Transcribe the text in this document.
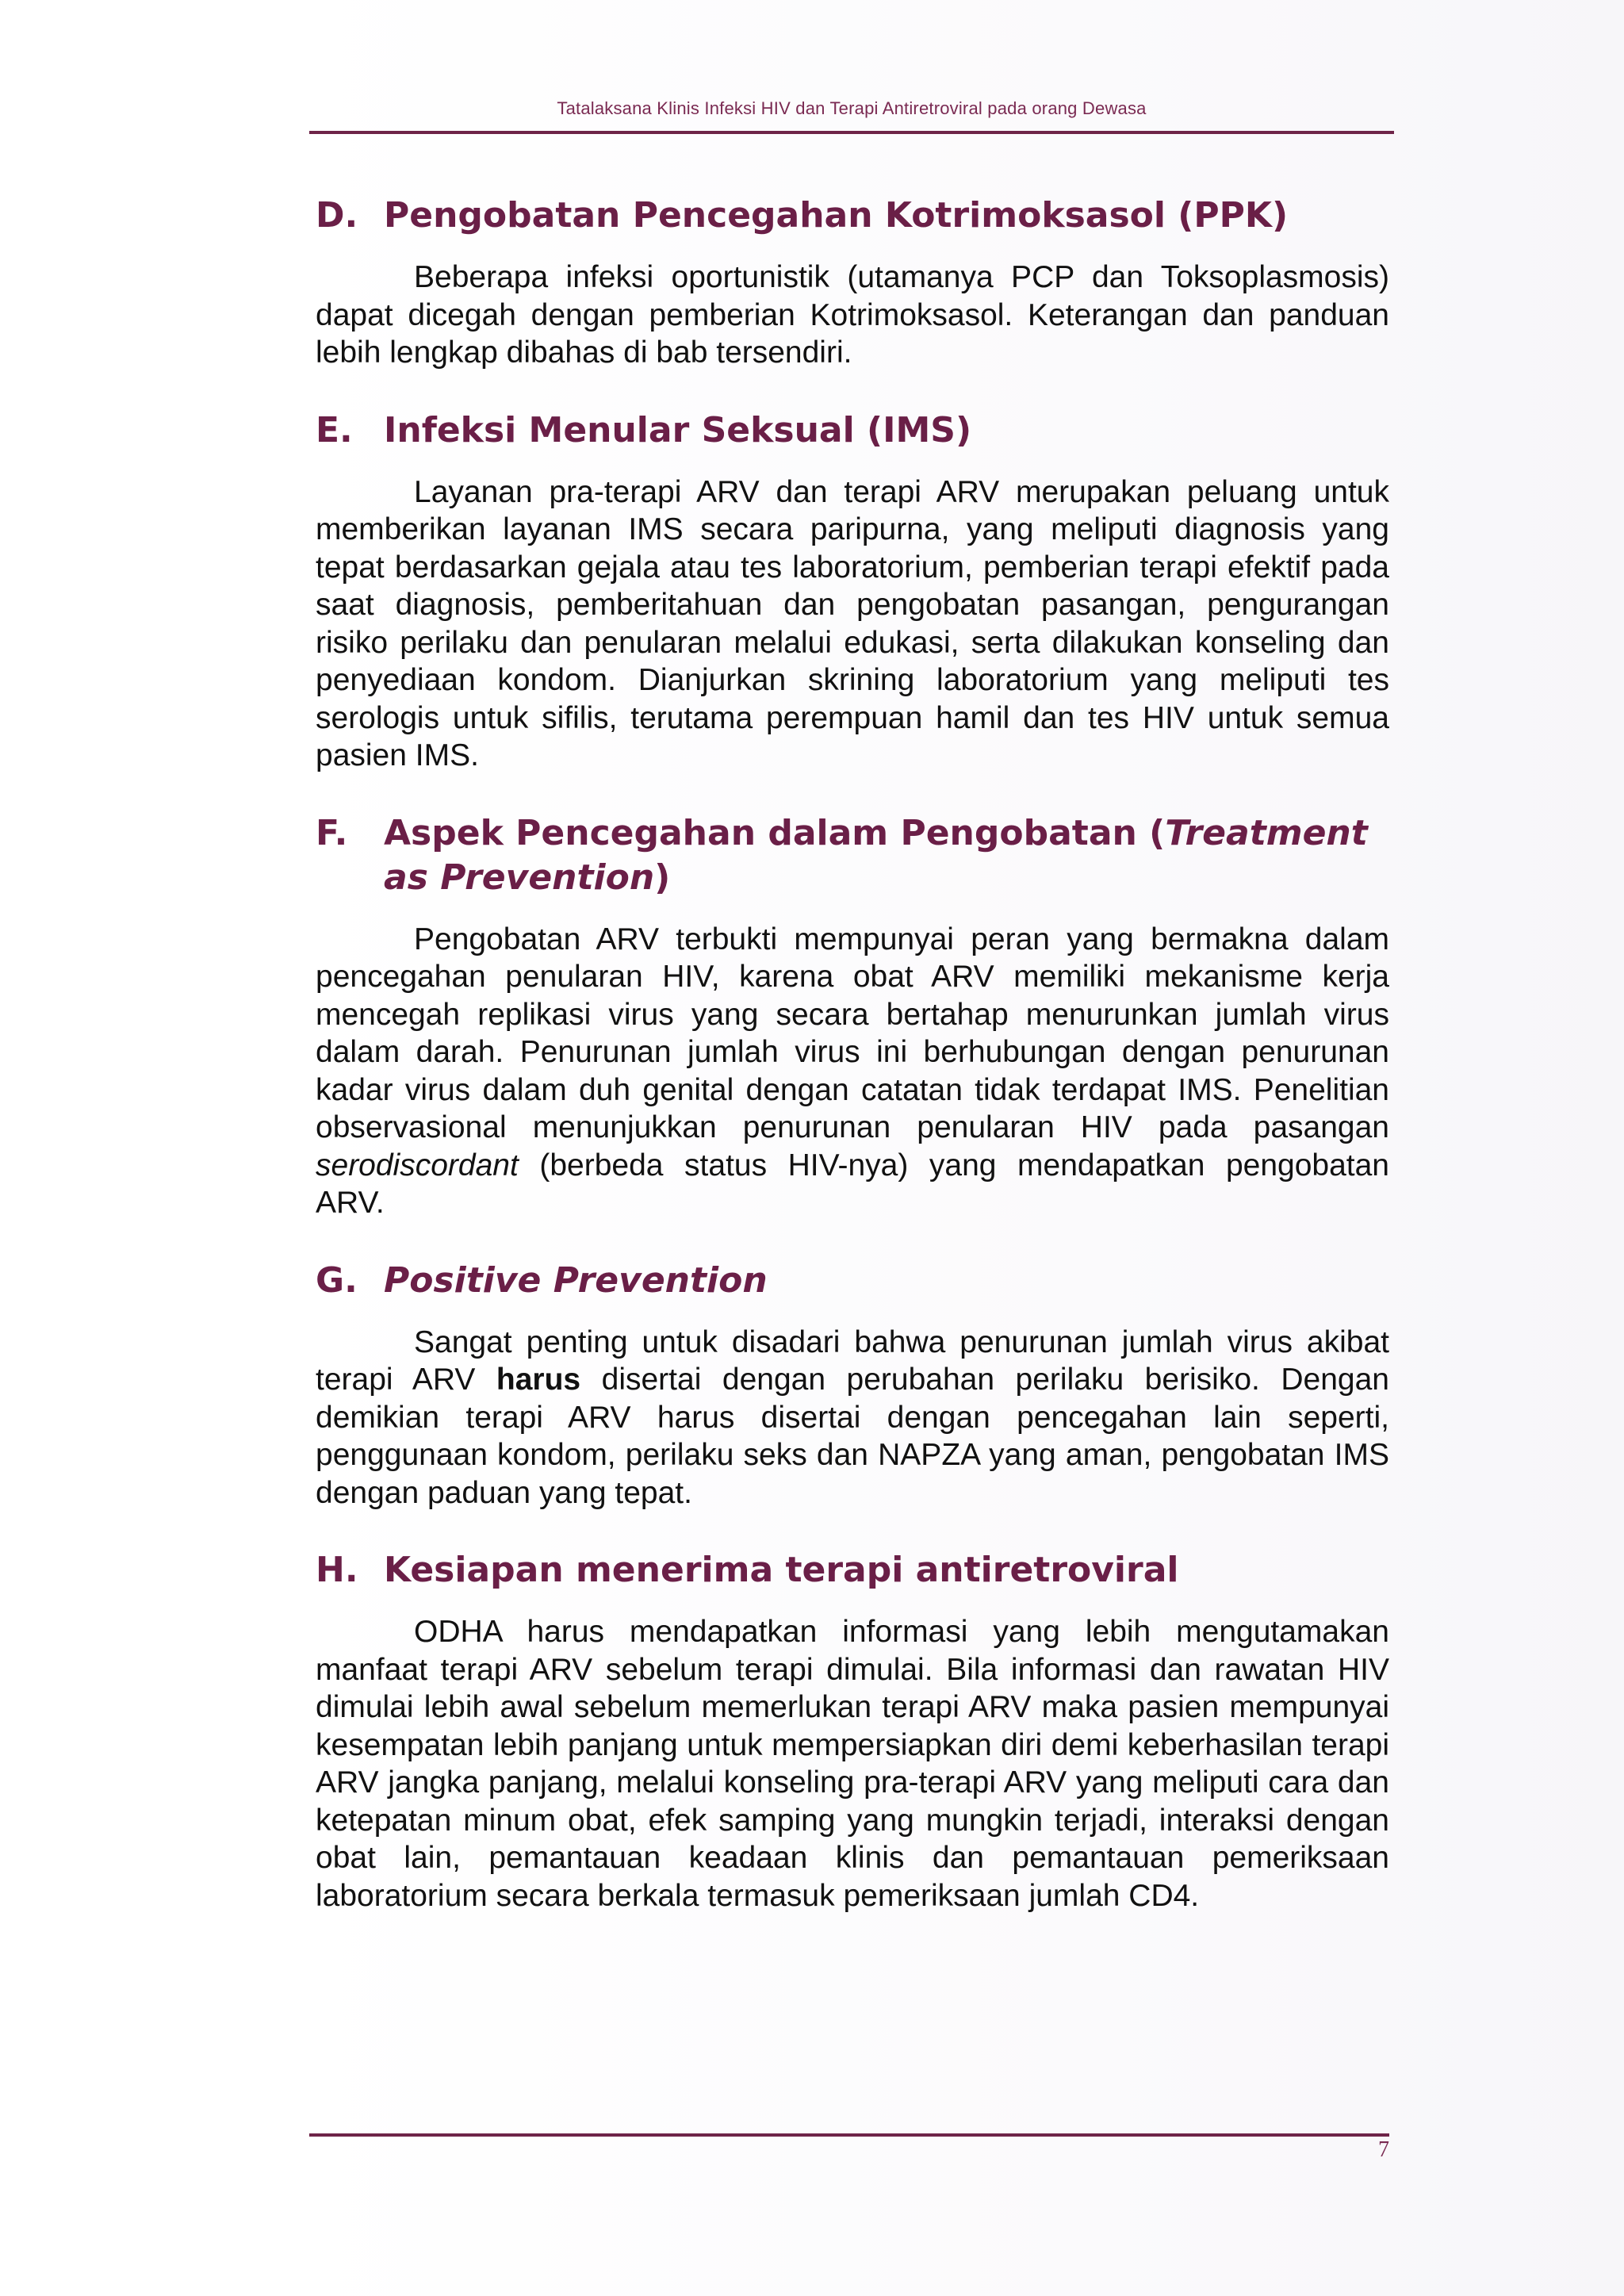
Tatalaksana Klinis Infeksi HIV dan Terapi Antiretroviral pada orang Dewasa
D. Pengobatan Pencegahan Kotrimoksasol (PPK)

Beberapa infeksi oportunistik (utamanya PCP dan Toksoplasmosis) dapat dicegah dengan pemberian Kotrimoksasol. Keterangan dan panduan lebih lengkap dibahas di bab tersendiri.

E. Infeksi Menular Seksual (IMS)

Layanan pra-terapi ARV dan terapi ARV merupakan peluang untuk memberikan layanan IMS secara paripurna, yang meliputi diagnosis yang tepat berdasarkan gejala atau tes laboratorium, pemberian terapi efektif pada saat diagnosis, pemberitahuan dan pengobatan pasangan, pengurangan risiko perilaku dan penularan melalui edukasi, serta dilakukan konseling dan penyediaan kondom. Dianjurkan skrining laboratorium yang meliputi tes serologis untuk sifilis, terutama perempuan hamil dan tes HIV untuk semua pasien IMS.

F.	Aspek Pencegahan dalam Pengobatan (Treatment as Prevention)

Pengobatan ARV terbukti mempunyai peran yang bermakna dalam pencegahan penularan HIV, karena obat ARV memiliki mekanisme kerja mencegah replikasi virus yang secara bertahap menurunkan jumlah virus dalam darah. Penurunan jumlah virus ini berhubungan dengan penurunan kadar virus dalam duh genital dengan catatan tidak terdapat IMS. Penelitian observasional menunjukkan penurunan penularan HIV pada pasangan serodiscordant (berbeda status HIV-nya) yang mendapatkan pengobatan ARV.

G. Positive Prevention

Sangat penting untuk disadari bahwa penurunan jumlah virus akibat terapi ARV harus disertai dengan perubahan perilaku berisiko. Dengan demikian terapi ARV harus disertai dengan pencegahan lain seperti, penggunaan kondom, perilaku seks dan NAPZA yang aman, pengobatan IMS dengan paduan yang tepat.

H. Kesiapan menerima terapi antiretroviral

ODHA harus mendapatkan informasi yang lebih mengutamakan manfaat terapi ARV sebelum terapi dimulai. Bila informasi dan rawatan HIV dimulai lebih awal sebelum memerlukan terapi ARV maka pasien mempunyai kesempatan lebih panjang untuk mempersiapkan diri demi keberhasilan terapi ARV jangka panjang, melalui konseling pra-terapi ARV yang meliputi cara dan ketepatan minum obat, efek samping yang mungkin terjadi, interaksi dengan obat lain, pemantauan keadaan klinis dan pemantauan pemeriksaan laboratorium secara berkala termasuk pemeriksaan jumlah CD4.

7
